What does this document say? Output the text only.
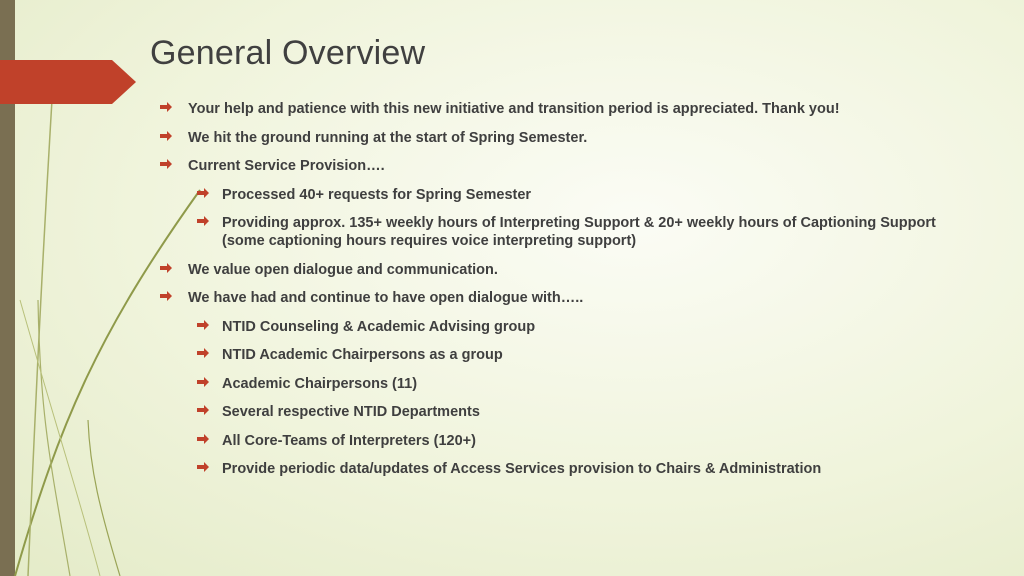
General Overview
Your help and patience with this new initiative and transition period is appreciated. Thank you!
We hit the ground running at the start of Spring Semester.
Current Service Provision….
Processed 40+ requests for Spring Semester
Providing approx. 135+ weekly hours of Interpreting Support & 20+ weekly hours of Captioning Support (some captioning hours requires voice interpreting support)
We value open dialogue and communication.
We have had and continue to have open dialogue with…..
NTID Counseling & Academic Advising group
NTID Academic Chairpersons as a group
Academic Chairpersons (11)
Several respective NTID Departments
All Core-Teams of Interpreters (120+)
Provide periodic data/updates of Access Services provision to Chairs & Administration
